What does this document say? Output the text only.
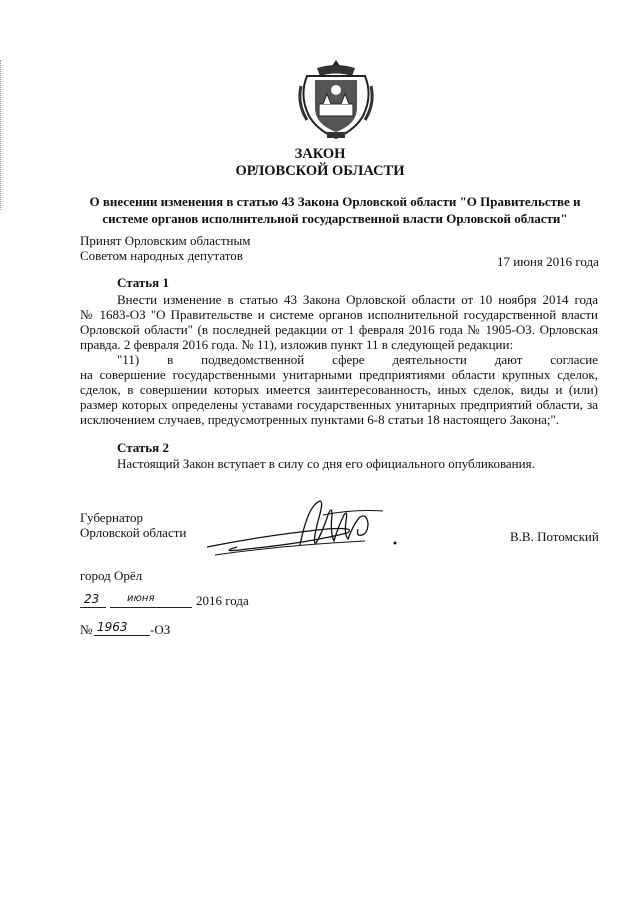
ЗАКОН
ОРЛОВСКОЙ ОБЛАСТИ
О внесении изменения в статью 43 Закона Орловской области "О Правительстве и системе органов исполнительной государственной власти Орловской области"
Принят Орловским областным
Советом народных депутатов	17 июня 2016 года
Статья 1
Внести изменение в статью 43 Закона Орловской области от 10 ноября 2014 года
№ 1683-ОЗ "О Правительстве и системе органов исполнительной государственной власти
Орловской области" (в последней редакции от 1 февраля 2016 года № 1905-ОЗ. Орловская
правда. 2 февраля 2016 года. № 11), изложив пункт 11 в следующей редакции:
"11) в подведомственной сфере деятельности дают согласие
на совершение государственными унитарными предприятиями области крупных сделок,
сделок, в совершении которых имеется заинтересованность, иных сделок, виды и (или)
размер которых определены уставами государственных унитарных предприятий области, за
исключением случаев, предусмотренных пунктами 6-8 статьи 18 настоящего Закона;".
Статья 2
Настоящий Закон вступает в силу со дня его официального опубликования.
Губернатор
Орловской области	В.В. Потомский
город Орёл
23	июня	2016 года
№ 1963 -ОЗ
